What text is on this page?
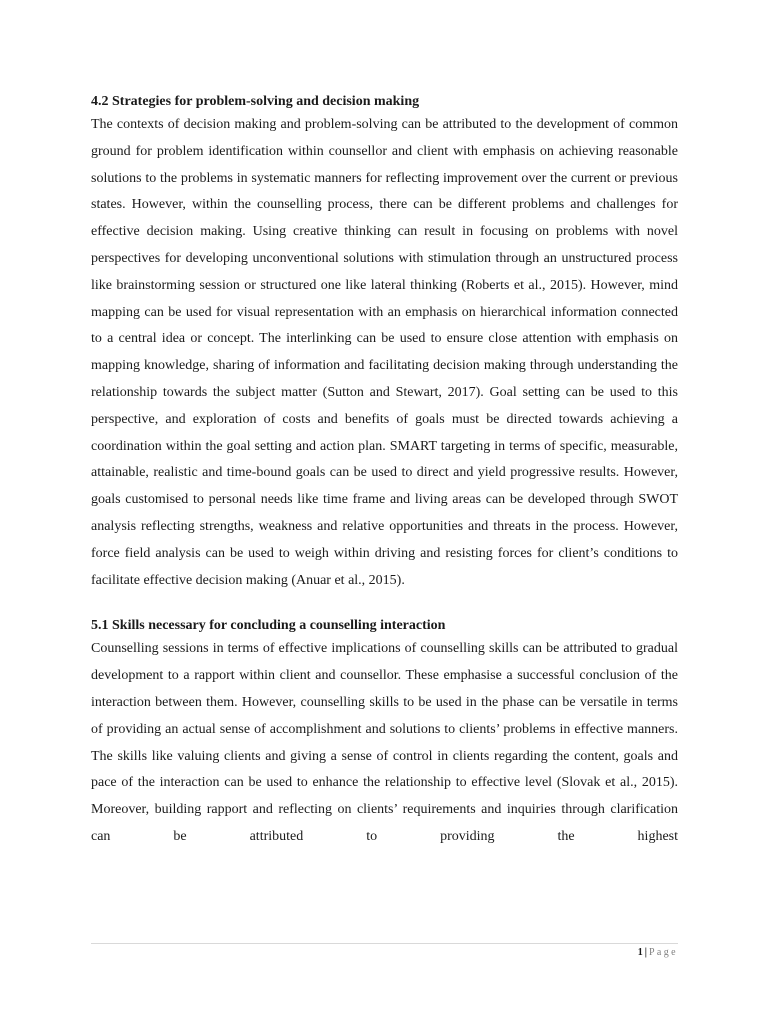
4.2 Strategies for problem-solving and decision making

The contexts of decision making and problem-solving can be attributed to the development of common ground for problem identification within counsellor and client with emphasis on achieving reasonable solutions to the problems in systematic manners for reflecting improvement over the current or previous states. However, within the counselling process, there can be different problems and challenges for effective decision making. Using creative thinking can result in focusing on problems with novel perspectives for developing unconventional solutions with stimulation through an unstructured process like brainstorming session or structured one like lateral thinking (Roberts et al., 2015). However, mind mapping can be used for visual representation with an emphasis on hierarchical information connected to a central idea or concept. The interlinking can be used to ensure close attention with emphasis on mapping knowledge, sharing of information and facilitating decision making through understanding the relationship towards the subject matter (Sutton and Stewart, 2017). Goal setting can be used to this perspective, and exploration of costs and benefits of goals must be directed towards achieving a coordination within the goal setting and action plan. SMART targeting in terms of specific, measurable, attainable, realistic and time-bound goals can be used to direct and yield progressive results. However, goals customised to personal needs like time frame and living areas can be developed through SWOT analysis reflecting strengths, weakness and relative opportunities and threats in the process. However, force field analysis can be used to weigh within driving and resisting forces for client’s conditions to facilitate effective decision making (Anuar et al., 2015).

5.1 Skills necessary for concluding a counselling interaction

Counselling sessions in terms of effective implications of counselling skills can be attributed to gradual development to a rapport within client and counsellor. These emphasise a successful conclusion of the interaction between them. However, counselling skills to be used in the phase can be versatile in terms of providing an actual sense of accomplishment and solutions to clients’ problems in effective manners. The skills like valuing clients and giving a sense of control in clients regarding the content, goals and pace of the interaction can be used to enhance the relationship to effective level (Slovak et al., 2015). Moreover, building rapport and reflecting on clients’ requirements and inquiries through clarification can be attributed to providing the highest

1 | Page
